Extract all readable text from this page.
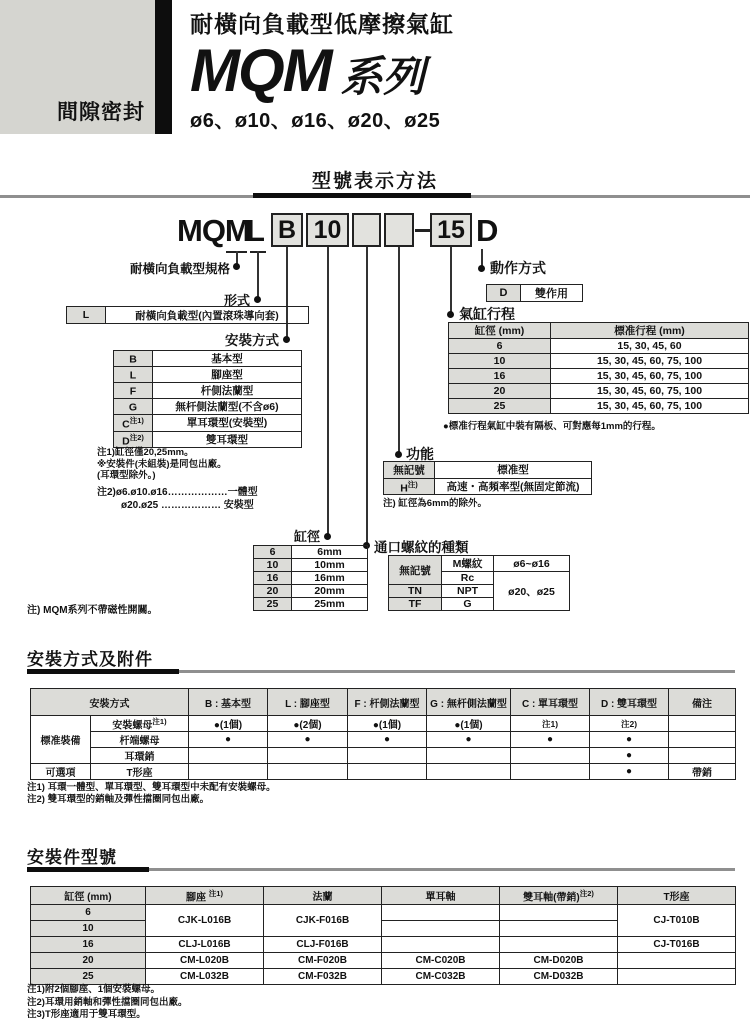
間隙密封
耐橫向負載型低摩擦氣缸
MQM 系列
ø6、ø10、ø16、ø20、ø25
型號表示方法
MQM
L B 10	15 D
耐橫向負載型規格
形式
安裝方式
缸徑
通口螺紋的種類
功能
氣缸行程
動作方式
L	耐橫向負載型(內置滾珠導向套)
B	基本型
L	腳座型
F	杆側法蘭型
G	無杆側法蘭型(不含ø6)
$C^{注1)}$	單耳環型(安裝型)
$D^{注2)}$	雙耳環型
注1)缸徑僅20,25mm。
※安裝件(未組裝)是同包出廠。
(耳環型除外。)
注2)ø6.ø10.ø16………………一體型
ø20.ø25 ……………… 安裝型
6	6mm
10	10mm
16	16mm
20	20mm
25	25mm
注) MQM系列不帶磁性開關。
D	雙作用
缸徑 (mm)	標准行程 (mm)
6	15, 30, 45, 60
10	15, 30, 45, 60, 75, 100
16	15, 30, 45, 60, 75, 100
20	15, 30, 45, 60, 75, 100
25	15, 30, 45, 60, 75, 100
●標准行程氣缸中裝有隔板、可對應每1mm的行程。
無記號	標准型
$H^{注)}$	高速・高頻率型(無固定節流)
注) 缸徑為6mm的除外。
無記號	M螺紋	ø6~ø16
	Rc	ø20、ø25
TN	NPT	
TF	G	
安裝方式及附件
安裝方式		B : 基本型	L : 腳座型	F : 杆側法蘭型	G : 無杆側法蘭型	C : 單耳環型	D : 雙耳環型	備注
標准裝備	安裝螺母$^{注1)}$	●(1個)	●(2個)	●(1個)	●(1個)	注1)	注2)	
	杆端螺母	●	●	●	●	●	●	
	耳環銷						●	
可選項	T形座						●	帶銷
注1) 耳環一體型、單耳環型、雙耳環型中未配有安裝螺母。
注2) 雙耳環型的銷軸及彈性擋圈同包出廠。
安裝件型號
缸徑 (mm)	腳座 $^{注1)}$	法蘭	單耳軸	雙耳軸(帶銷)$^{注2)}$	T形座
6	CJK-L016B	CJK-F016B			CJ-T010B
10					
16	CLJ-L016B	CLJ-F016B			CJ-T016B
20	CM-L020B	CM-F020B	CM-C020B	CM-D020B	
25	CM-L032B	CM-F032B	CM-C032B	CM-D032B	
注1)附2個腳座、1個安裝螺母。
注2)耳環用銷軸和彈性擋圈同包出廠。
注3)T形座適用于雙耳環型。
